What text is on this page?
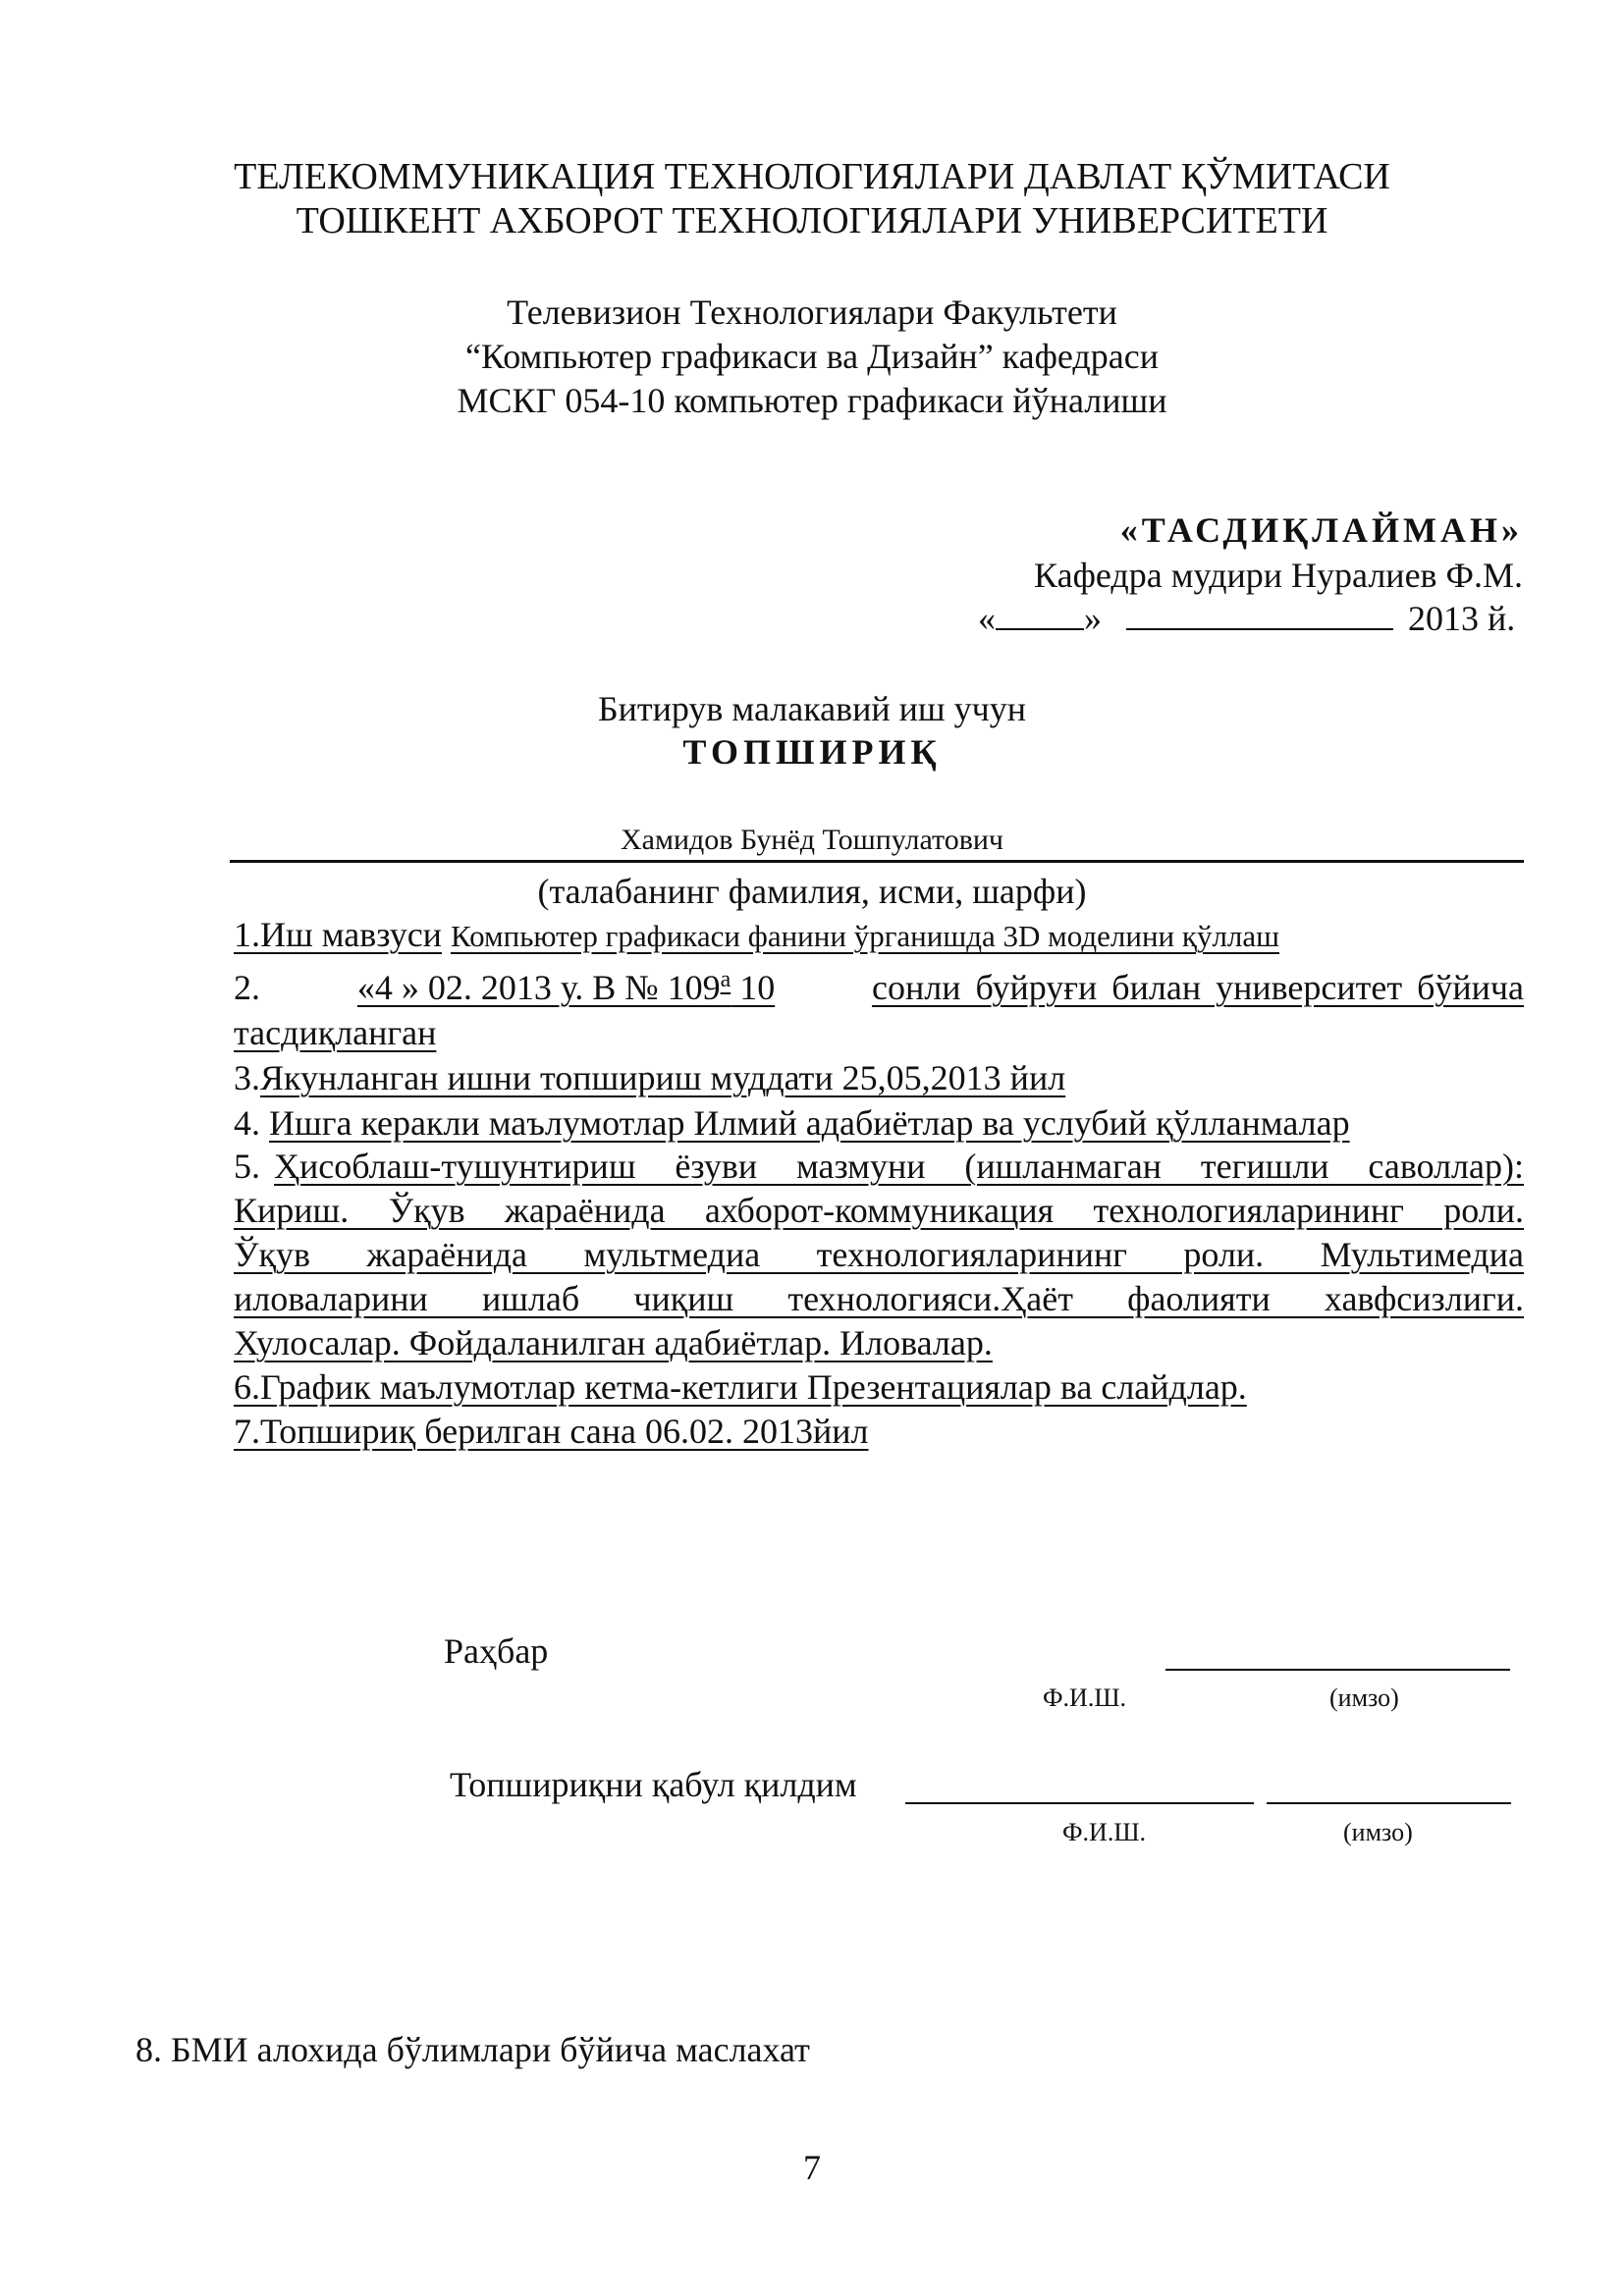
ТЕЛЕКОММУНИКАЦИЯ ТЕХНОЛОГИЯЛАРИ ДАВЛАТ ҚЎМИТАСИ
ТОШКЕНТ АХБОРОТ ТЕХНОЛОГИЯЛАРИ УНИВЕРСИТЕТИ
Телевизион Технологиялари Факультети
“Компьютер графикаси ва Дизайн” кафедраси
МСКГ 054-10 компьютер графикаси йўналиши
«ТАСДИҚЛАЙМАН»
Кафедра мудири Нуралиев Ф.М.
«	»	2013 й.
Битирув малакавий иш учун
ТОПШИРИҚ
Хамидов Бунёд Тошпулатович
(талабанинг фамилия, исми, шарфи)
1.Иш мавзуси Компьютер графикаси фанини ўрганишда 3D моделини қўллаш
2.	«4 » 02. 2013 у. В № $109^а$ 10	сонли буйруғи билан университет бўйича
тасдиқланган
3.Якунланган ишни топшириш муддати 25,05,2013 йил
4. Ишга керакли маълумотлар Илмий адабиётлар ва услубий қўлланмалар
5. Ҳисоблаш-тушунтириш ёзуви мазмуни (ишланмаган тегишли саволлар):
Кириш. Ўқув жараёнида ахборот-коммуникация технологияларининг роли.
Ўқув жараёнида мультмедиа технологияларининг роли. Мультимедиа
иловаларини ишлаб чиқиш технологияси.Ҳаёт фаолияти хавфсизлиги.
Хулосалар. Фойдаланилган адабиётлар. Иловалар.
6.График маълумотлар кетма-кетлиги Презентациялар ва слайдлар.
7.Топшириқ берилган сана 06.02. 2013йил
Раҳбар
Ф.И.Ш.	(имзо)
Топшириқни қабул қилдим
Ф.И.Ш.	(имзо)
8. БМИ алохида бўлимлари бўйича маслахат
7
